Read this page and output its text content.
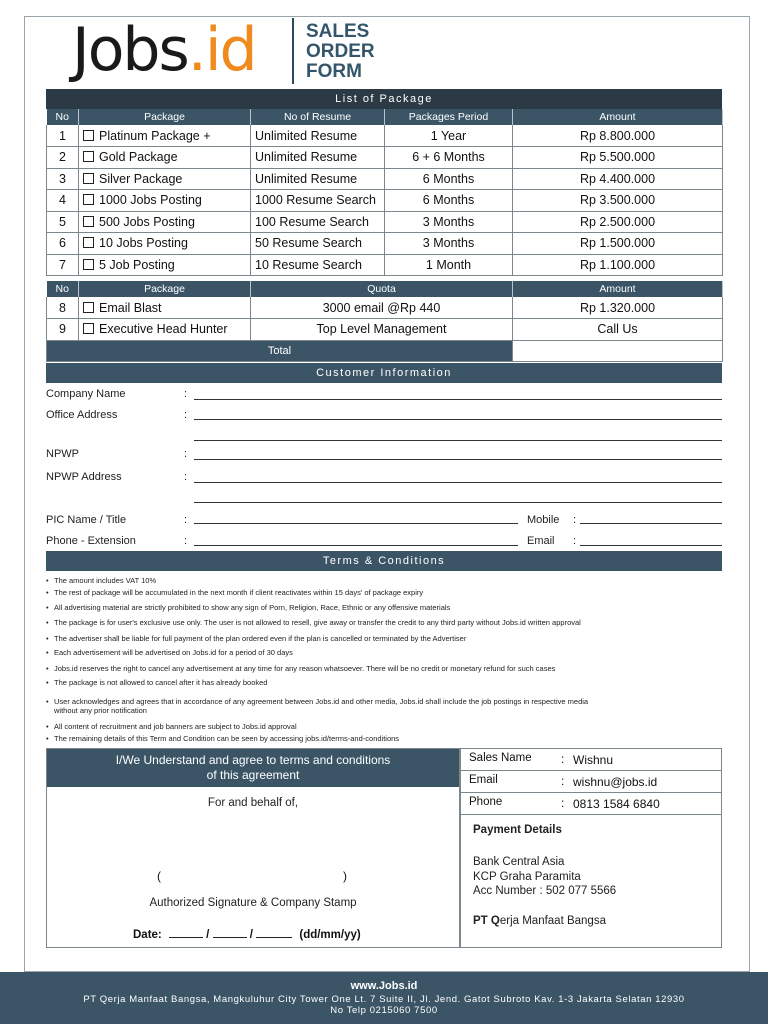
Jobs.id	SALES
ORDER
FORM
List of Package
No	Package	No of Resume	Packages Period	Amount
1	Platinum Package +	Unlimited Resume	1 Year	Rp 8.800.000
2	Gold Package	Unlimited Resume	6 + 6 Months	Rp 5.500.000
3	Silver Package	Unlimited Resume	6 Months	Rp 4.400.000
4	1000 Jobs Posting	1000 Resume Search	6 Months	Rp 3.500.000
5	500 Jobs Posting	100 Resume Search	3 Months	Rp 2.500.000
6	10 Jobs Posting	50 Resume Search	3 Months	Rp 1.500.000
7	5 Job Posting	10 Resume Search	1 Month	Rp 1.100.000
No	Package	Quota	Amount
8	Email Blast	3000 email @Rp 440	Rp 1.320.000
9	Executive Head Hunter	Top Level Management	Call Us
Total			
Customer Information
Company Name	:
Office Address	:
NPWP	:
NPWP Address	:
PIC Name / Title	:	Mobile :
Phone - Extension	:	Email :
Terms & Conditions
• The amount includes VAT 10%
• The rest of package will be accumulated in the next month if client reactivates within 15 days' of package expiry
• All advertising material are strictly prohibited to show any sign of Porn, Religion, Race, Ethnic or any offensive materials
• The package is for user's exclusive use only. The user is not allowed to resell, give away or transfer the credit to any third party without Jobs.id written approval
• The advertiser shall be liable for full payment of the plan ordered even if the plan is cancelled or terminated by the Advertiser
• Each advertisement will be advertised on Jobs.id for a period of 30 days
• Jobs.id reserves the right to cancel any advertisement at any time for any reason whatsoever. There will be no credit or monetary refund for such cases
• The package is not allowed to cancel after it has already booked
• User acknowledges and agrees that in accordance of any agreement between Jobs.id and other media, Jobs.id shall include the job postings in respective media
without any prior notification
• All content of recruitment and job banners are subject to Jobs.id approval
• The remaining details of this Term and Condition can be seen by accessing jobs.id/terms-and-conditions
I/We Understand and agree to terms and conditions
of this agreement
For and behalf of,
(	)
Authorized Signature & Company Stamp
Date:	/	/	(dd/mm/yy)
Sales Name : Wishnu
Email	: wishnu@jobs.id
Phone	: 0813 1584 6840
Payment Details
Bank Central Asia
KCP Graha Paramita
Acc Number : 502 077 5566
PT Qerja Manfaat Bangsa
www.Jobs.id
PT Qerja Manfaat Bangsa, Mangkuluhur City Tower One Lt. 7 Suite II, Jl. Jend. Gatot Subroto Kav. 1-3 Jakarta Selatan 12930
No Telp 0215060 7500
